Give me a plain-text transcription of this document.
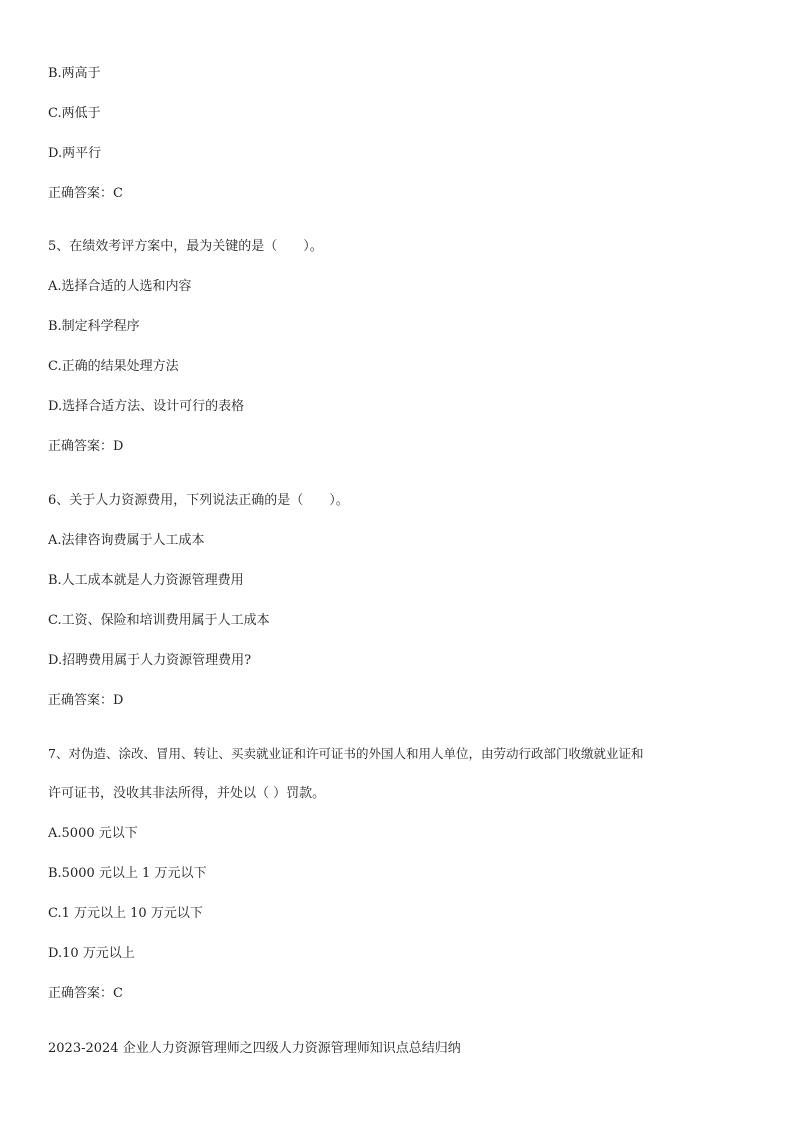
B.两高于
C.两低于
D.两平行
正确答案：C
5、在绩效考评方案中，最为关键的是（　　）。
A.选择合适的人选和内容
B.制定科学程序
C.正确的结果处理方法
D.选择合适方法、设计可行的表格
正确答案：D
6、关于人力资源费用，下列说法正确的是（　　）。
A.法律咨询费属于人工成本
B.人工成本就是人力资源管理费用
C.工资、保险和培训费用属于人工成本
D.招聘费用属于人力资源管理费用?
正确答案：D
7、对伪造、涂改、冒用、转让、买卖就业证和许可证书的外国人和用人单位，由劳动行政部门收缴就业证和
许可证书，没收其非法所得，并处以（ ）罚款。
A.5000 元以下
B.5000 元以上 1 万元以下
C.1 万元以上 10 万元以下
D.10 万元以上
正确答案：C
2023-2024 企业人力资源管理师之四级人力资源管理师知识点总结归纳
